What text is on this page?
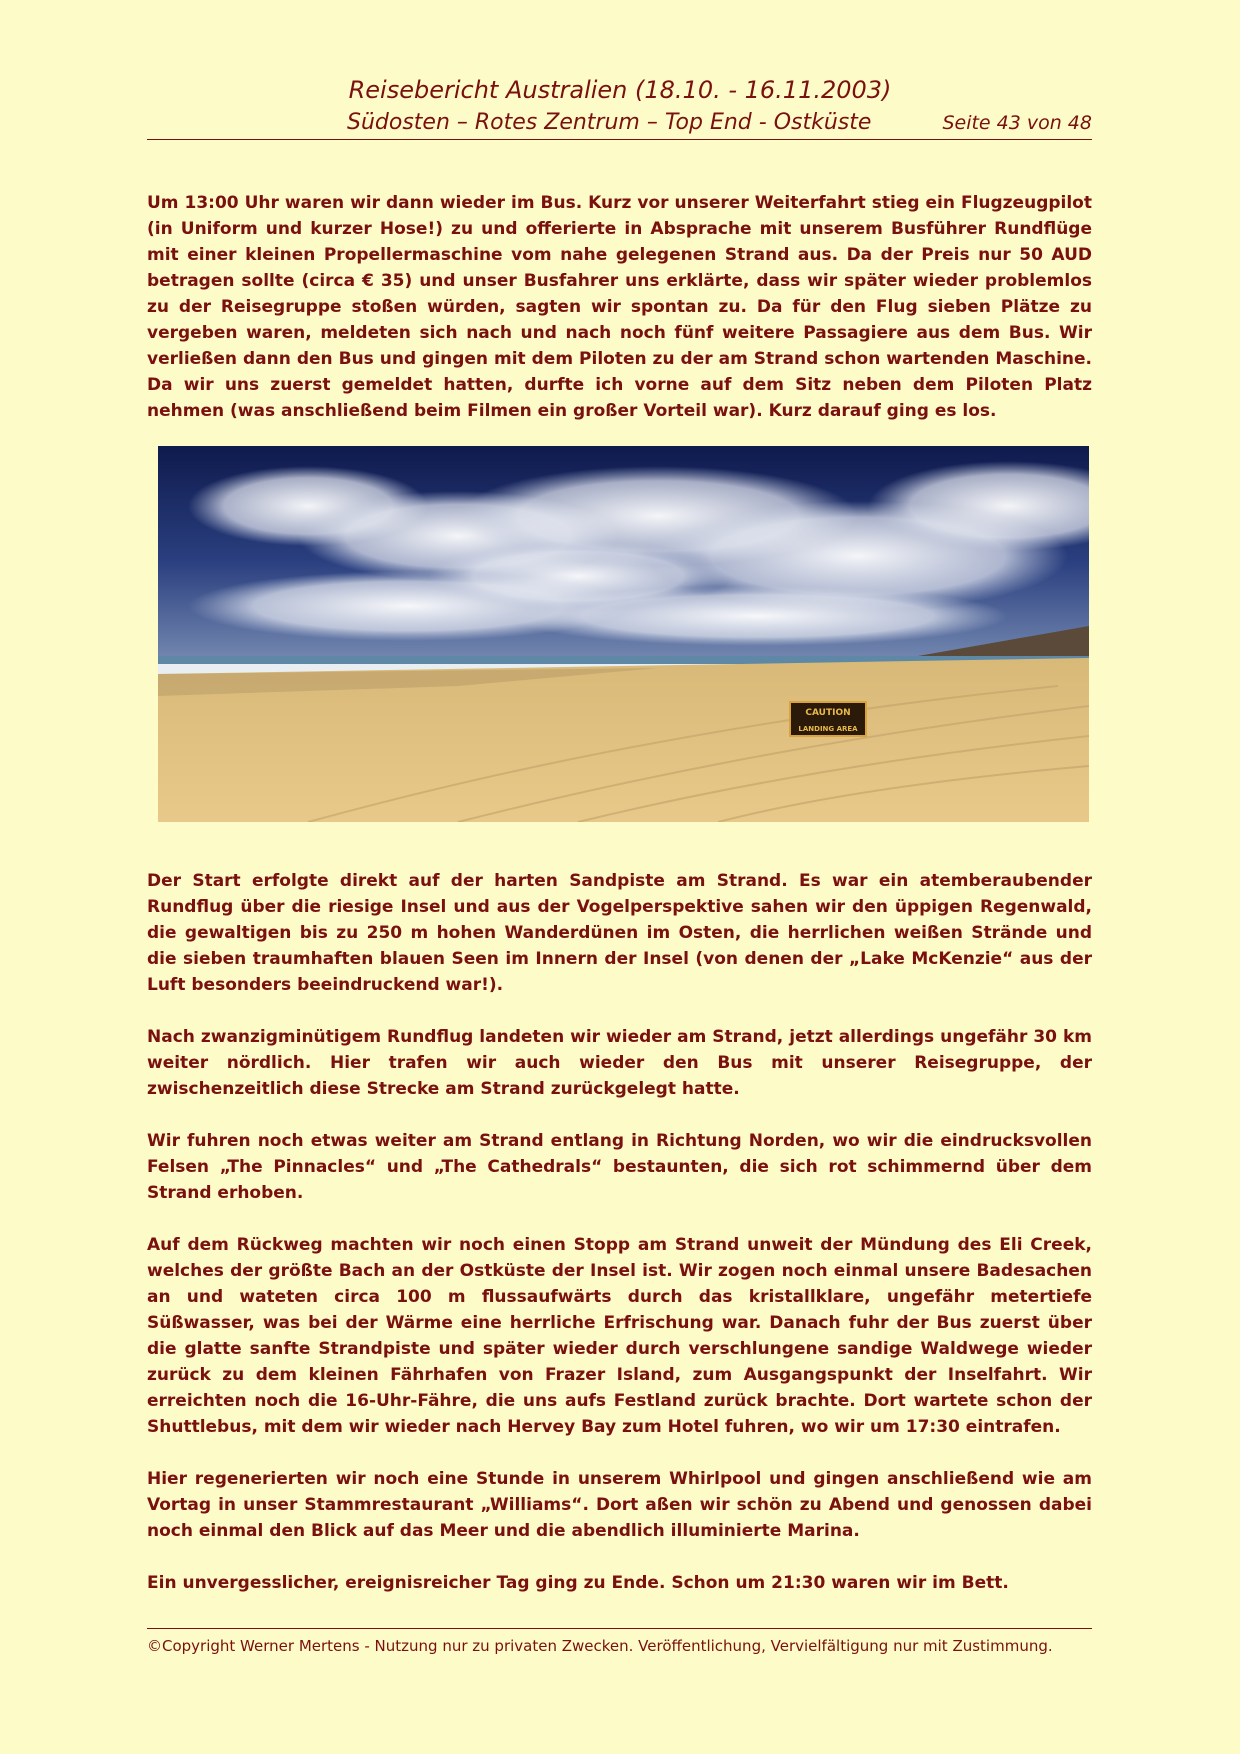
Reisebericht Australien (18.10. - 16.11.2003)
Südosten – Rotes Zentrum – Top End - Ostküste	Seite 43 von 48

Um 13:00 Uhr waren wir dann wieder im Bus. Kurz vor unserer Weiterfahrt stieg ein Flugzeugpilot (in Uniform und kurzer Hose!) zu und offerierte in Absprache mit unserem Busführer Rundflüge mit einer kleinen Propellermaschine vom nahe gelegenen Strand aus. Da der Preis nur 50 AUD betragen sollte (circa € 35) und unser Busfahrer uns erklärte, dass wir später wieder problemlos zu der Reisegruppe stoßen würden, sagten wir spontan zu. Da für den Flug sieben Plätze zu vergeben waren, meldeten sich nach und nach noch fünf weitere Passagiere aus dem Bus. Wir verließen dann den Bus und gingen mit dem Piloten zu der am Strand schon wartenden Maschine. Da wir uns zuerst gemeldet hatten, durfte ich vorne auf dem Sitz neben dem Piloten Platz nehmen (was anschließend beim Filmen ein großer Vorteil war). Kurz darauf ging es los.

CAUTION
LANDING AREA

Der Start erfolgte direkt auf der harten Sandpiste am Strand. Es war ein atemberaubender Rundflug über die riesige Insel und aus der Vogelperspektive sahen wir den üppigen Regenwald, die gewaltigen bis zu 250 m hohen Wanderdünen im Osten, die herrlichen weißen Strände und die sieben traumhaften blauen Seen im Innern der Insel (von denen der „Lake McKenzie“ aus der Luft besonders beeindruckend war!).

Nach zwanzigminütigem Rundflug landeten wir wieder am Strand, jetzt allerdings ungefähr 30 km weiter nördlich. Hier trafen wir auch wieder den Bus mit unserer Reisegruppe, der zwischenzeitlich diese Strecke am Strand zurückgelegt hatte.

Wir fuhren noch etwas weiter am Strand entlang in Richtung Norden, wo wir die eindrucksvollen Felsen „The Pinnacles“ und „The Cathedrals“ bestaunten, die sich rot schimmernd über dem Strand erhoben.

Auf dem Rückweg machten wir noch einen Stopp am Strand unweit der Mündung des Eli Creek, welches der größte Bach an der Ostküste der Insel ist. Wir zogen noch einmal unsere Badesachen an und wateten circa 100 m flussaufwärts durch das kristallklare, ungefähr metertiefe Süßwasser, was bei der Wärme eine herrliche Erfrischung war. Danach fuhr der Bus zuerst über die glatte sanfte Strandpiste und später wieder durch verschlungene sandige Waldwege wieder zurück zu dem kleinen Fährhafen von Frazer Island, zum Ausgangspunkt der Inselfahrt. Wir erreichten noch die 16-Uhr-Fähre, die uns aufs Festland zurück brachte. Dort wartete schon der Shuttlebus, mit dem wir wieder nach Hervey Bay zum Hotel fuhren, wo wir um 17:30 eintrafen.

Hier regenerierten wir noch eine Stunde in unserem Whirlpool und gingen anschließend wie am Vortag in unser Stammrestaurant „Williams“. Dort aßen wir schön zu Abend und genossen dabei noch einmal den Blick auf das Meer und die abendlich illuminierte Marina.

Ein unvergesslicher, ereignisreicher Tag ging zu Ende. Schon um 21:30 waren wir im Bett.

©Copyright Werner Mertens - Nutzung nur zu privaten Zwecken. Veröffentlichung, Vervielfältigung nur mit Zustimmung.
